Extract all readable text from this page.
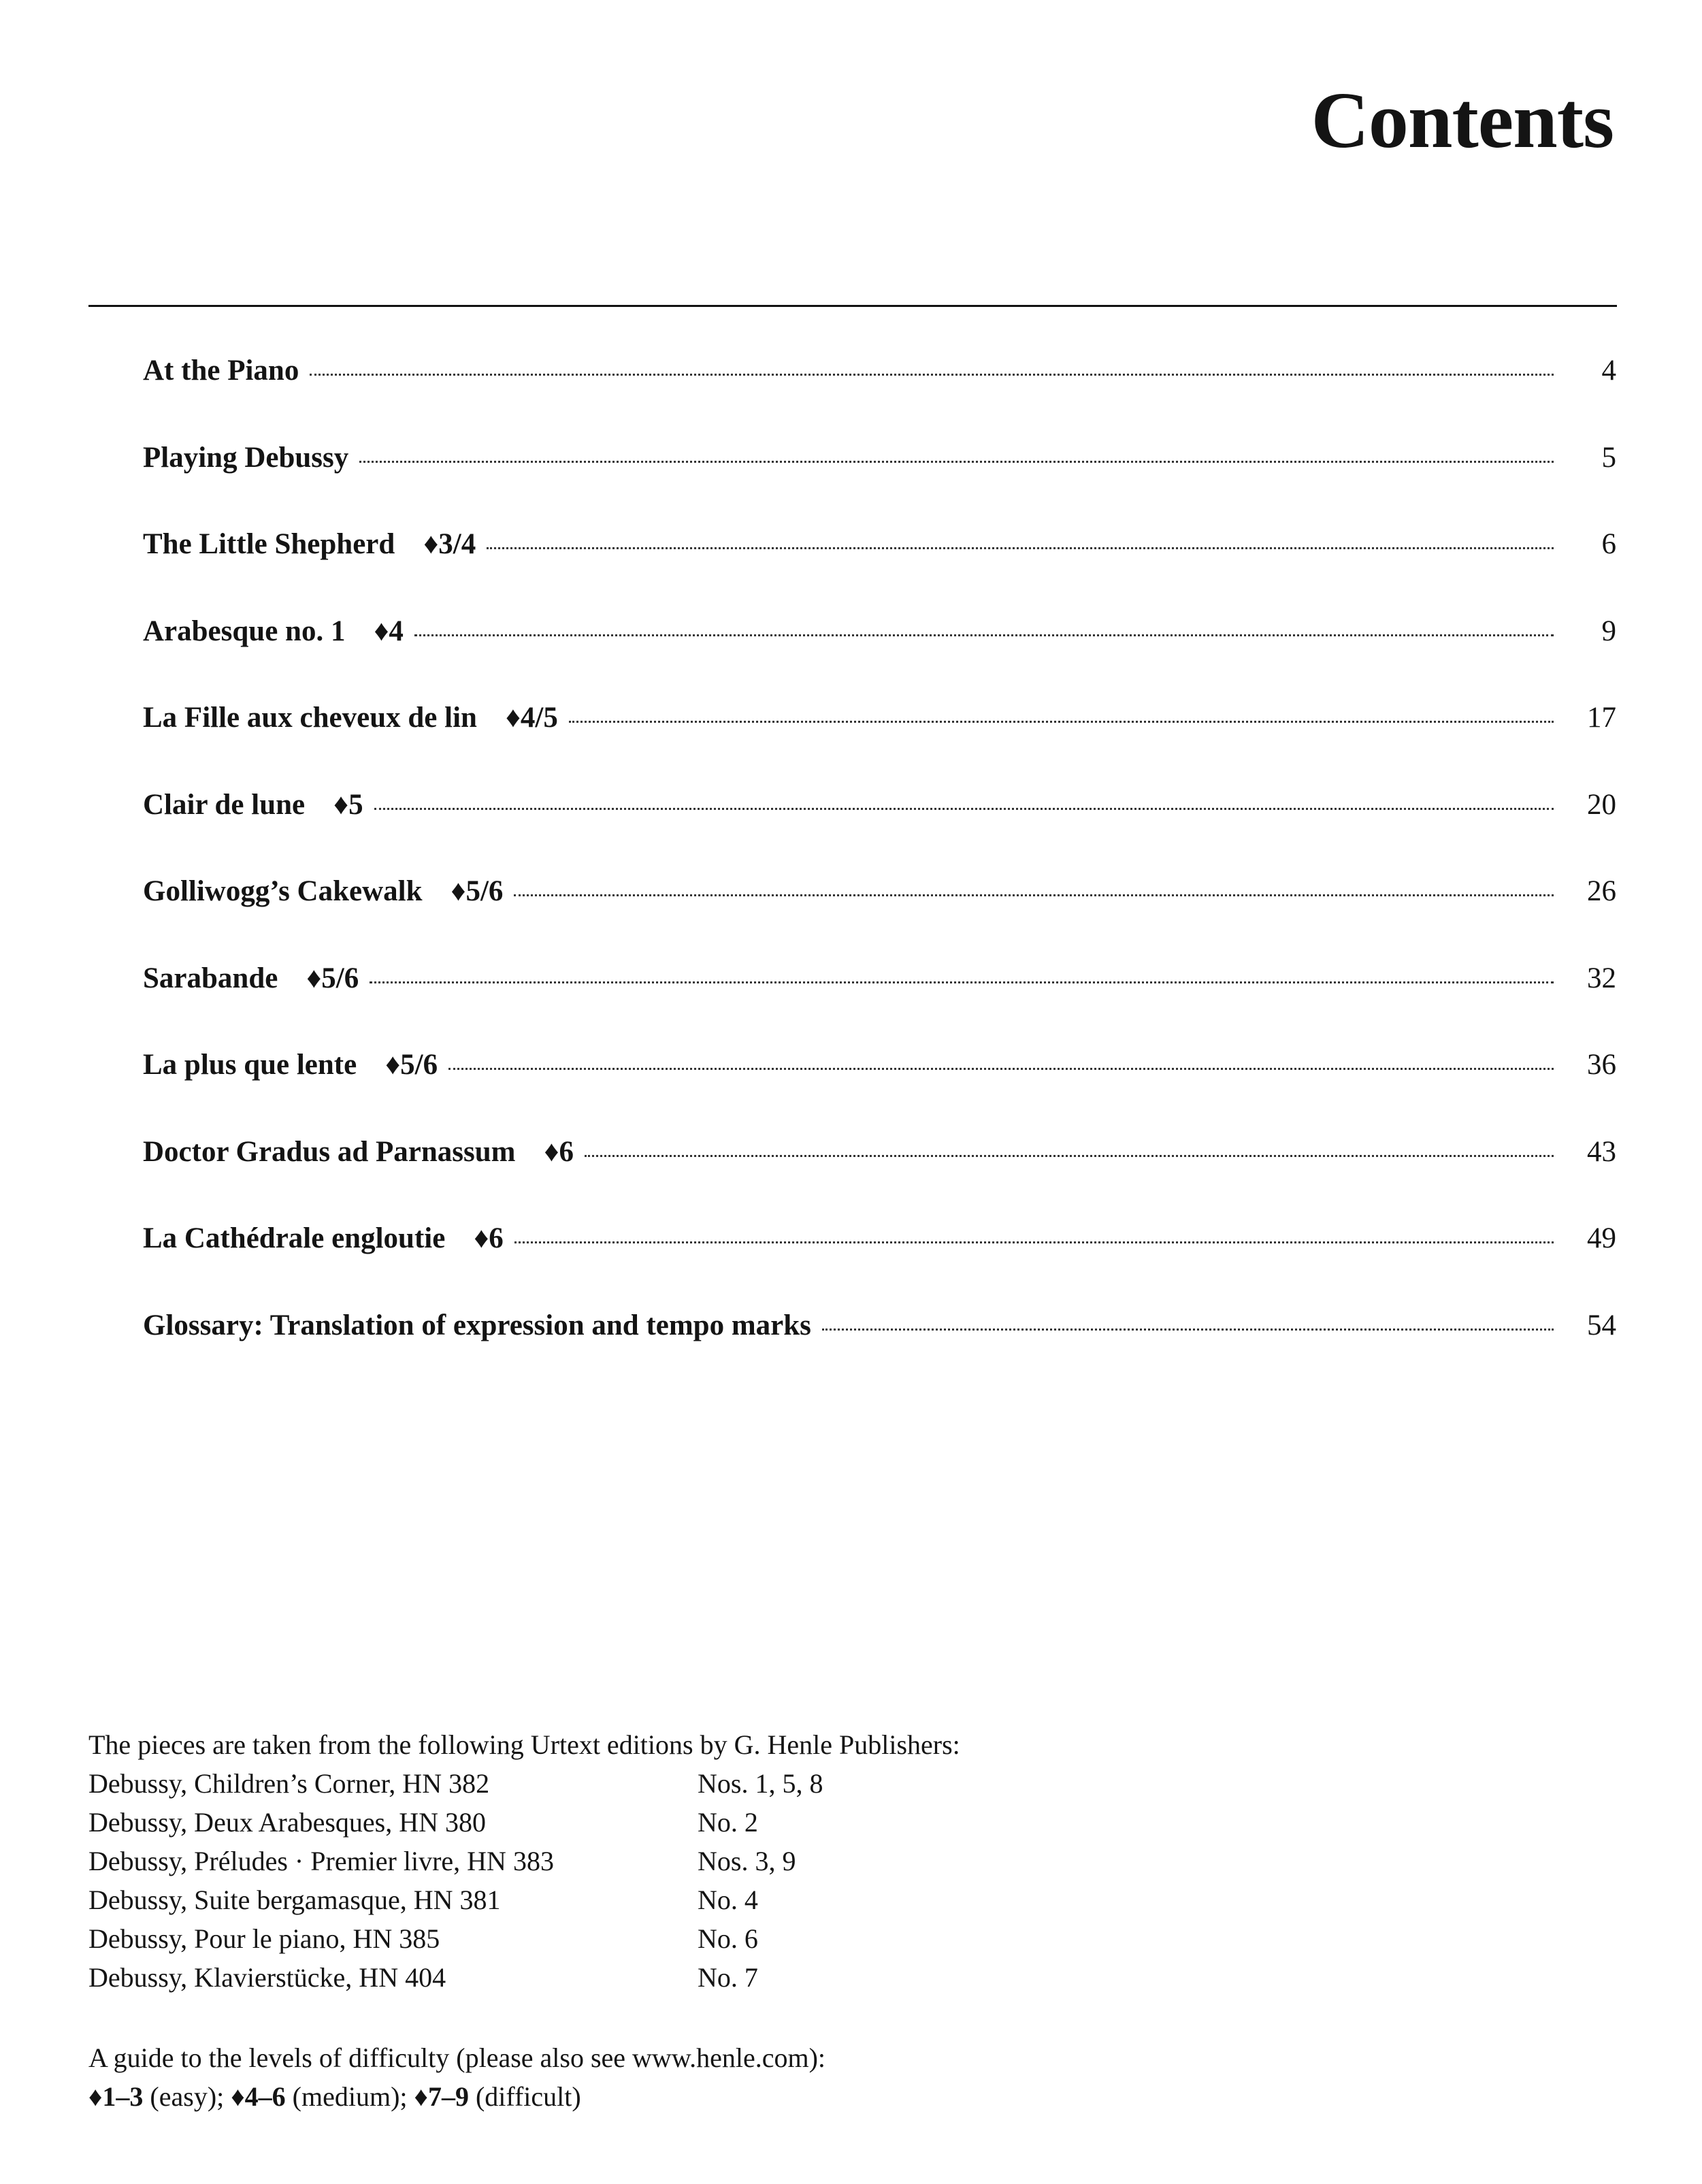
Contents
At the Piano	4
Playing Debussy	5
The Little Shepherd ♦3/4	6
Arabesque no. 1 ♦4	9
La Fille aux cheveux de lin ♦4/5	17
Clair de lune ♦5	20
Golliwogg’s Cakewalk ♦5/6	26
Sarabande ♦5/6	32
La plus que lente ♦5/6	36
Doctor Gradus ad Parnassum ♦6	43
La Cathédrale engloutie ♦6	49
Glossary: Translation of expression and tempo marks	54
The pieces are taken from the following Urtext editions by G. Henle Publishers:
Debussy, Children’s Corner, HN 382	Nos. 1, 5, 8
Debussy, Deux Arabesques, HN 380	No. 2
Debussy, Préludes · Premier livre, HN 383	Nos. 3, 9
Debussy, Suite bergamasque, HN 381	No. 4
Debussy, Pour le piano, HN 385	No. 6
Debussy, Klavierstücke, HN 404	No. 7
A guide to the levels of difficulty (please also see www.henle.com):
♦1–3 (easy); ♦4–6 (medium); ♦7–9 (difficult)
